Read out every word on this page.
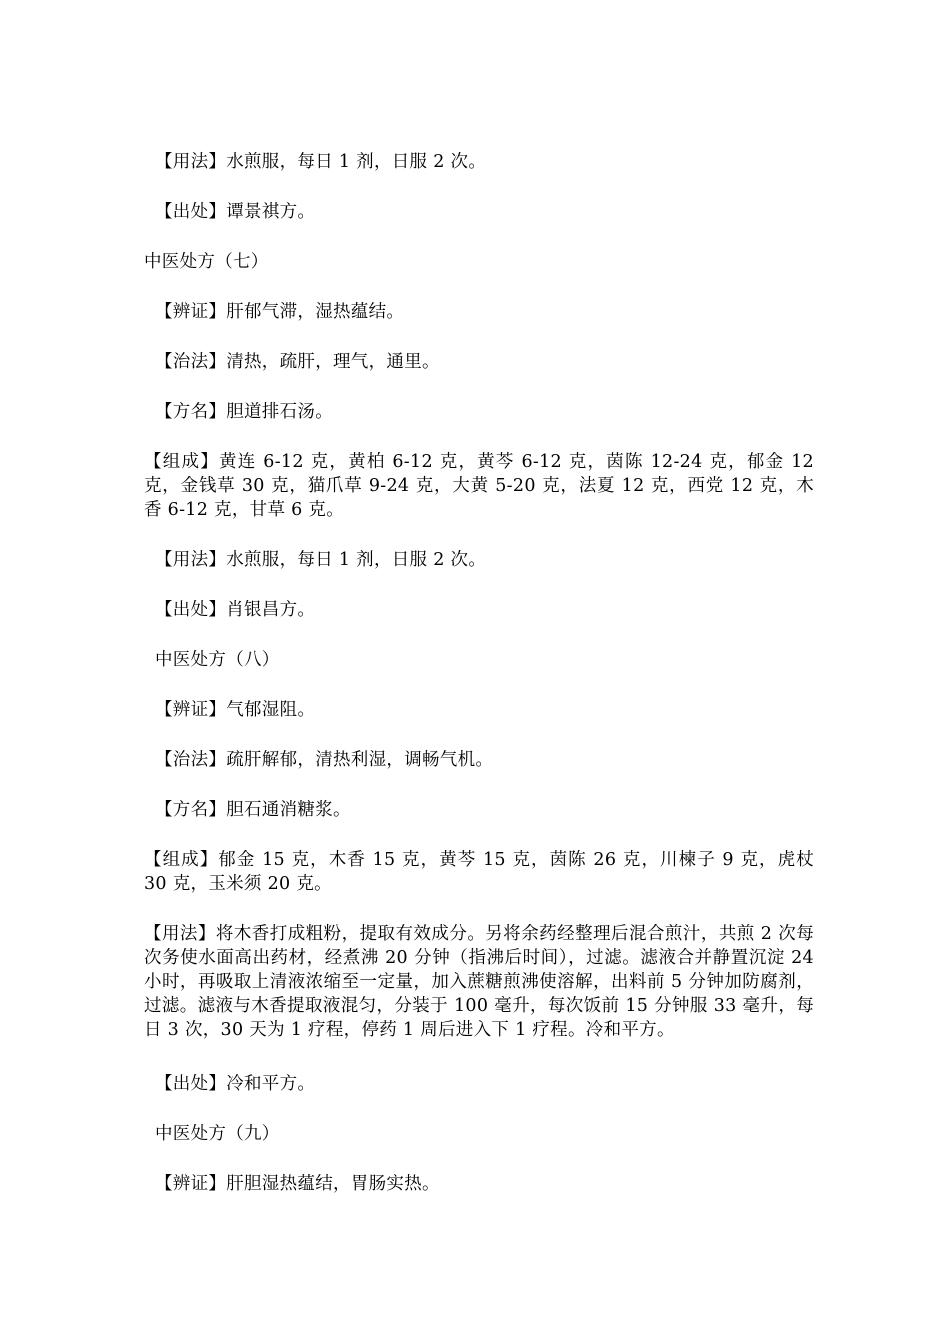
【用法】水煎服，每日 1 剂，日服 2 次。
【出处】谭景祺方。
中医处方（七）
【辨证】肝郁气滞，湿热蕴结。
【治法】清热，疏肝，理气，通里。
【方名】胆道排石汤。
【组成】黄连 6-12 克，黄柏 6-12 克，黄芩 6-12 克，茵陈 12-24 克，郁金 12 克，金钱草 30 克，猫爪草 9-24 克，大黄 5-20 克，法夏 12 克，西党 12 克，木香 6-12 克，甘草 6 克。
【用法】水煎服，每日 1 剂，日服 2 次。
【出处】肖银昌方。
中医处方（八）
【辨证】气郁湿阻。
【治法】疏肝解郁，清热利湿，调畅气机。
【方名】胆石通消糖浆。
【组成】郁金 15 克，木香 15 克，黄芩 15 克，茵陈 26 克，川楝子 9 克，虎杖 30 克，玉米须 20 克。
【用法】将木香打成粗粉，提取有效成分。另将余药经整理后混合煎汁，共煎 2 次每次务使水面高出药材，经煮沸 20 分钟（指沸后时间），过滤。滤液合并静置沉淀 24 小时，再吸取上清液浓缩至一定量，加入蔗糖煎沸使溶解，出料前 5 分钟加防腐剂，过滤。滤液与木香提取液混匀，分装于 100 毫升，每次饭前 15 分钟服 33 毫升，每日 3 次，30 天为 1 疗程，停药 1 周后进入下 1 疗程。冷和平方。
【出处】冷和平方。
中医处方（九）
【辨证】肝胆湿热蕴结，胃肠实热。
